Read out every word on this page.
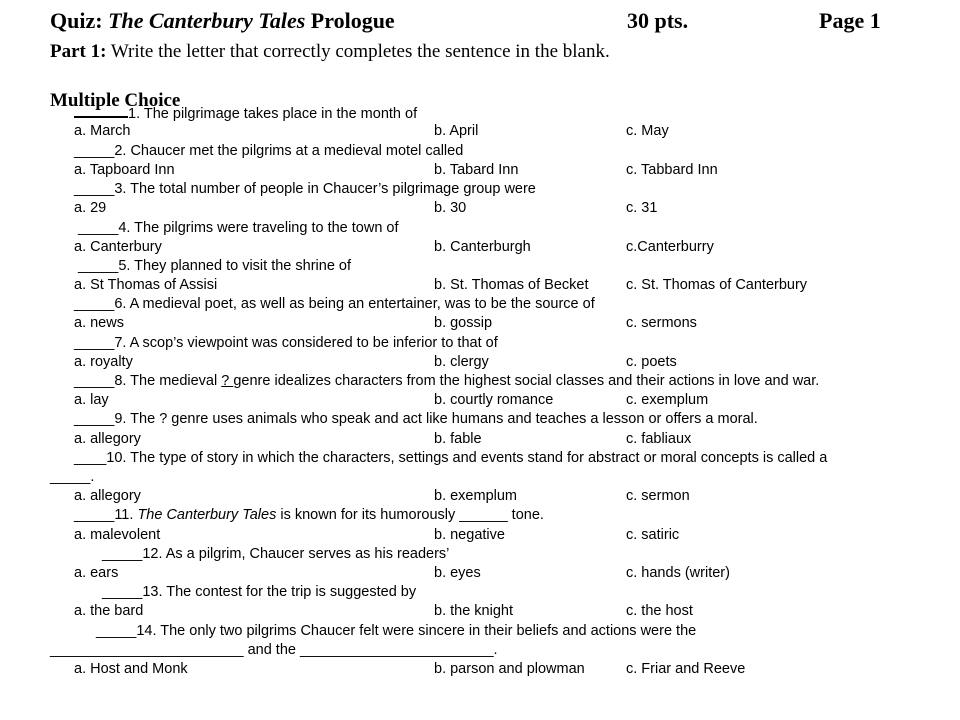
Quiz: The Canterbury Tales Prologue	30 pts.	Page 1
Part 1: Write the letter that correctly completes the sentence in the blank.
Multiple Choice
1. The pilgrimage takes place in the month of
a. March	b. April	c. May
_____2. Chaucer met the pilgrims at a medieval motel called
a. Tapboard Inn	b. Tabard Inn	c. Tabbard Inn
_____3. The total number of people in Chaucer’s pilgrimage group were
a. 29	b. 30	c. 31
_____4. The pilgrims were traveling to the town of
a. Canterbury	b. Canterburgh	c.Canterburry
_____5. They planned to visit the shrine of
a. St Thomas of Assisi	b. St. Thomas of Becket	c. St. Thomas of Canterbury
_____6. A medieval poet, as well as being an entertainer, was to be the source of
a. news	b. gossip	c. sermons
_____7. A scop’s viewpoint was considered to be inferior to that of
a. royalty	b. clergy	c. poets
_____8. The medieval ? genre idealizes characters from the highest social classes and their actions in love and war.
a. lay	b. courtly romance	c. exemplum
_____9. The ? genre uses animals who speak and act like humans and teaches a lesson or offers a moral.
a. allegory	b. fable	c. fabliaux
____10. The type of story in which the characters, settings and events stand for abstract or moral concepts is called a
_____.
a. allegory	b. exemplum	c. sermon
_____11. The Canterbury Tales is known for its humorously ______ tone.
a. malevolent	b. negative	c. satiric
_____12. As a pilgrim, Chaucer serves as his readers’
a. ears	b. eyes	c. hands (writer)
_____13. The contest for the trip is suggested by
a. the bard	b. the knight	c. the host
_____14. The only two pilgrims Chaucer felt were sincere in their beliefs and actions were the
________________________ and the ________________________.
a. Host and Monk	b. parson and plowman	c. Friar and Reeve
